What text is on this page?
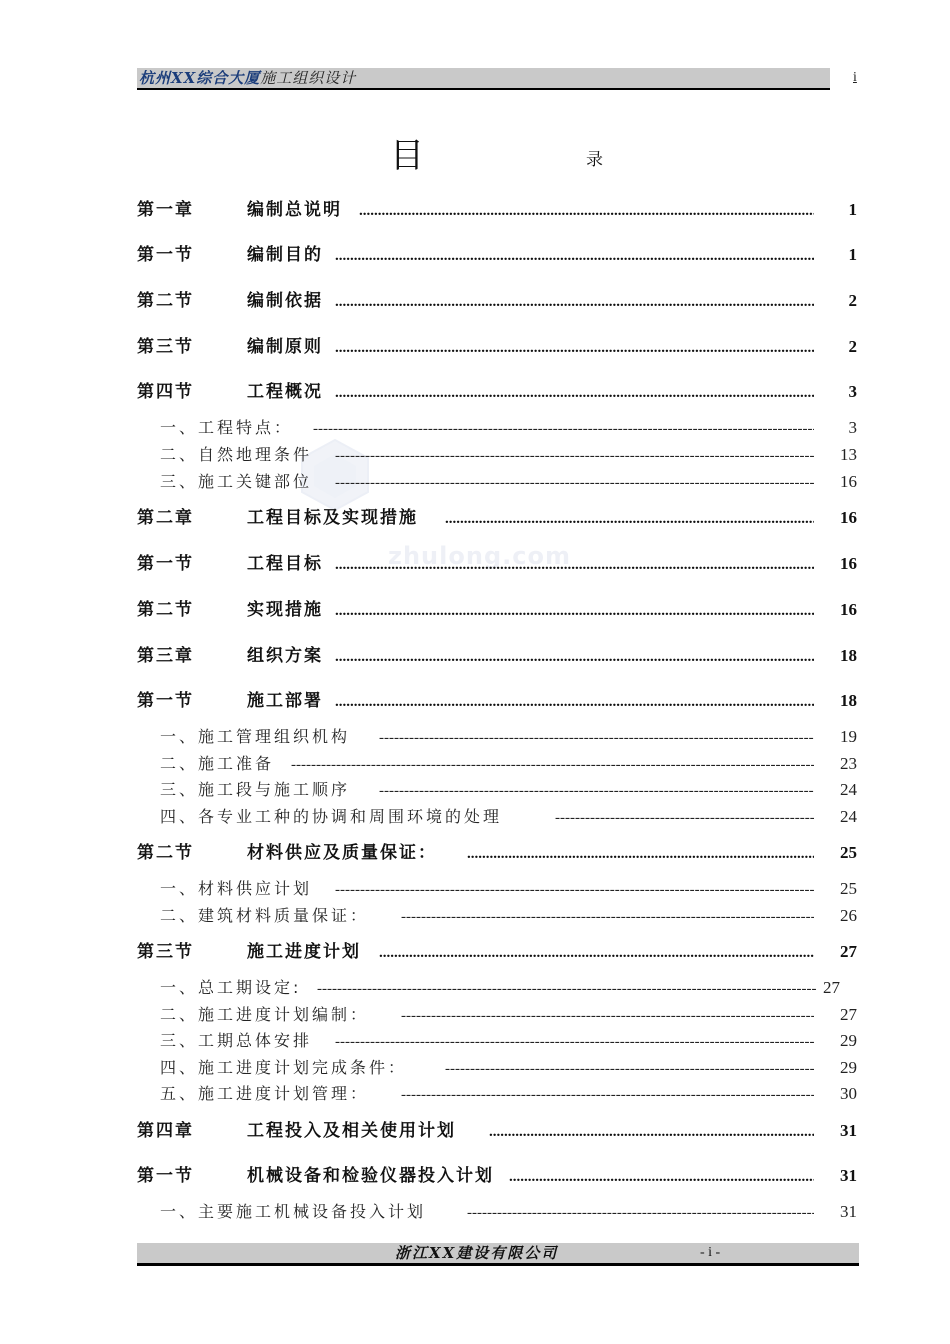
杭州XX综合大厦施工组织设计	i
目	录
zhulong.com
第一章	编制总说明 .....	1
第一节	编制目的 .....	1
第二节	编制依据 .....	2
第三节	编制原则 .....	2
第四节	工程概况 .....	3
一、工程特点： -----	3
二、自然地理条件 -----	13
三、施工关键部位 -----	16
第二章	工程目标及实现措施 .....	16
第一节	工程目标 .....	16
第二节	实现措施 .....	16
第三章	组织方案 .....	18
第一节	施工部署 .....	18
一、施工管理组织机构 -----	19
二、施工准备 -----	23
三、施工段与施工顺序 -----	24
四、各专业工种的协调和周围环境的处理 -----	24
第二节	材料供应及质量保证： .....	25
一、材料供应计划 -----	25
二、建筑材料质量保证： -----	26
第三节	施工进度计划 .....	27
一、总工期设定: -----	27
二、施工进度计划编制： -----	27
三、工期总体安排 -----	29
四、施工进度计划完成条件： -----	29
五、施工进度计划管理： -----	30
第四章	工程投入及相关使用计划 .....	31
第一节	机械设备和检验仪器投入计划 .....	31
一、主要施工机械设备投入计划 -----	31
浙江XX建设有限公司	- i -
